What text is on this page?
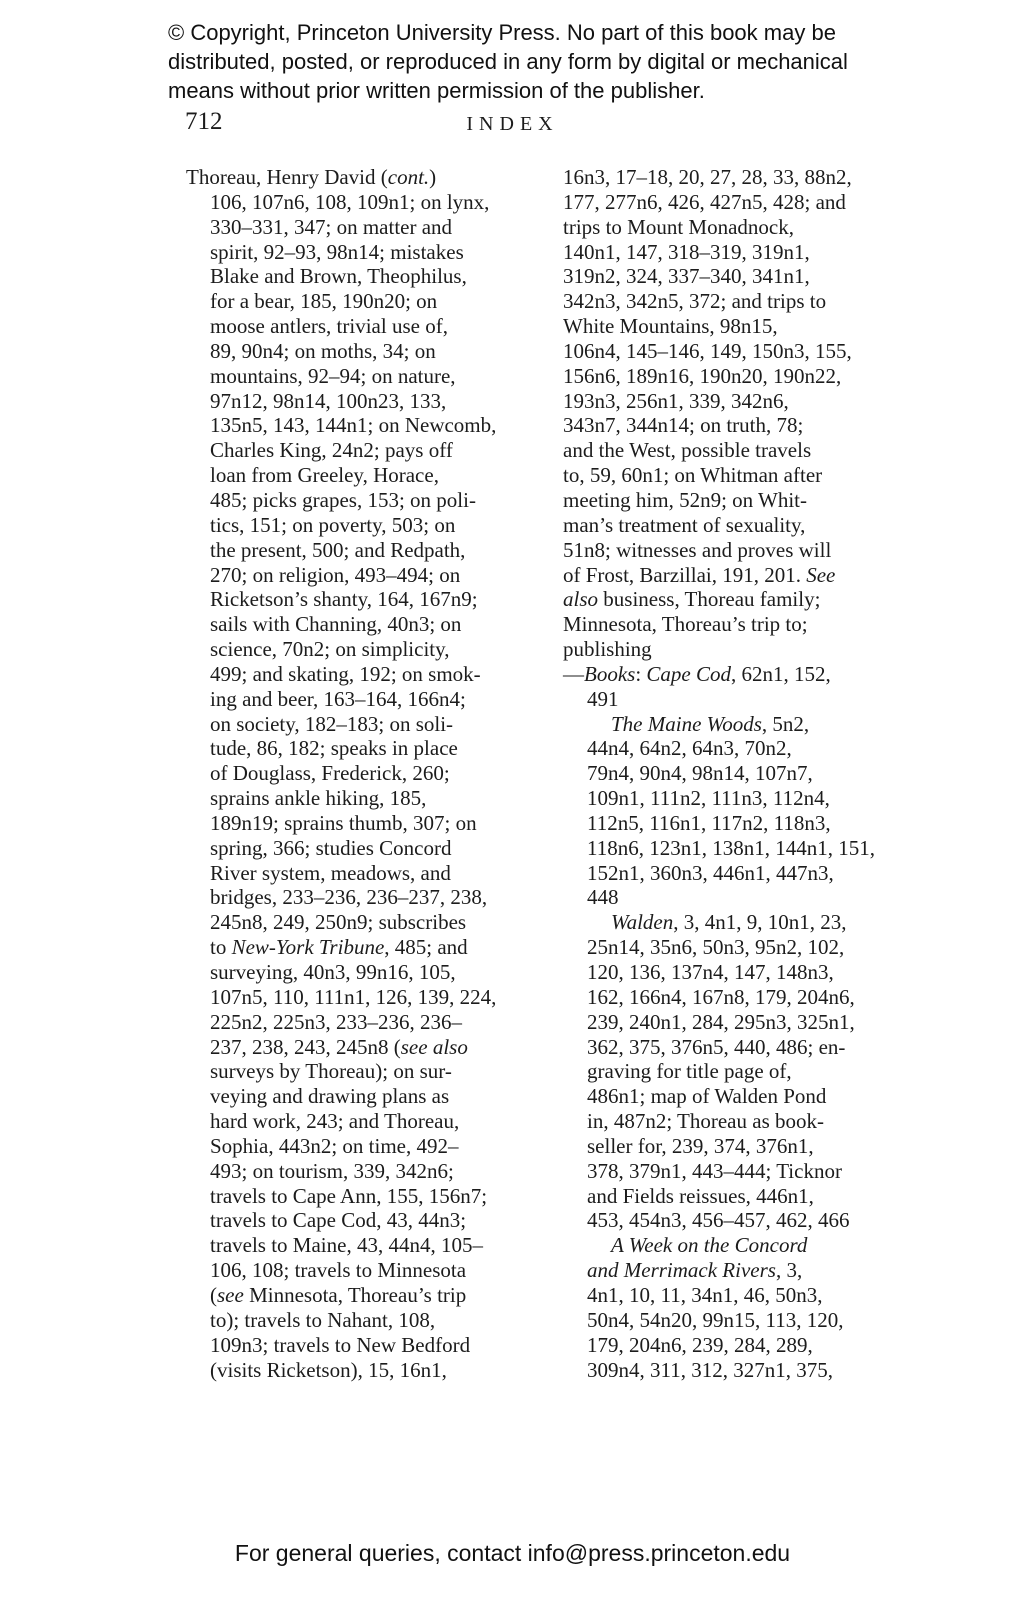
© Copyright, Princeton University Press. No part of this book may be
distributed, posted, or reproduced in any form by digital or mechanical
means without prior written permission of the publisher.
712	INDEX
Thoreau, Henry David (cont.)
106, 107n6, 108, 109n1; on lynx,
330–331, 347; on matter and
spirit, 92–93, 98n14; mistakes
Blake and Brown, Theophilus,
for a bear, 185, 190n20; on
moose antlers, trivial use of,
89, 90n4; on moths, 34; on
mountains, 92–94; on nature,
97n12, 98n14, 100n23, 133,
135n5, 143, 144n1; on Newcomb,
Charles King, 24n2; pays off
loan from Greeley, Horace,
485; picks grapes, 153; on poli-
tics, 151; on poverty, 503; on
the present, 500; and Redpath,
270; on religion, 493–494; on
Ricketson’s shanty, 164, 167n9;
sails with Channing, 40n3; on
science, 70n2; on simplicity,
499; and skating, 192; on smok-
ing and beer, 163–164, 166n4;
on society, 182–183; on soli-
tude, 86, 182; speaks in place
of Douglass, Frederick, 260;
sprains ankle hiking, 185,
189n19; sprains thumb, 307; on
spring, 366; studies Concord
River system, meadows, and
bridges, 233–236, 236–237, 238,
245n8, 249, 250n9; subscribes
to New-York Tribune, 485; and
surveying, 40n3, 99n16, 105,
107n5, 110, 111n1, 126, 139, 224,
225n2, 225n3, 233–236, 236–
237, 238, 243, 245n8 (see also
surveys by Thoreau); on sur-
veying and drawing plans as
hard work, 243; and Thoreau,
Sophia, 443n2; on time, 492–
493; on tourism, 339, 342n6;
travels to Cape Ann, 155, 156n7;
travels to Cape Cod, 43, 44n3;
travels to Maine, 43, 44n4, 105–
106, 108; travels to Minnesota
(see Minnesota, Thoreau’s trip
to); travels to Nahant, 108,
109n3; travels to New Bedford
(visits Ricketson), 15, 16n1,
16n3, 17–18, 20, 27, 28, 33, 88n2,
177, 277n6, 426, 427n5, 428; and
trips to Mount Monadnock,
140n1, 147, 318–319, 319n1,
319n2, 324, 337–340, 341n1,
342n3, 342n5, 372; and trips to
White Mountains, 98n15,
106n4, 145–146, 149, 150n3, 155,
156n6, 189n16, 190n20, 190n22,
193n3, 256n1, 339, 342n6,
343n7, 344n14; on truth, 78;
and the West, possible travels
to, 59, 60n1; on Whitman after
meeting him, 52n9; on Whit-
man’s treatment of sexuality,
51n8; witnesses and proves will
of Frost, Barzillai, 191, 201. See
also business, Thoreau family;
Minnesota, Thoreau’s trip to;
publishing
—Books: Cape Cod, 62n1, 152,
491
The Maine Woods, 5n2,
44n4, 64n2, 64n3, 70n2,
79n4, 90n4, 98n14, 107n7,
109n1, 111n2, 111n3, 112n4,
112n5, 116n1, 117n2, 118n3,
118n6, 123n1, 138n1, 144n1, 151,
152n1, 360n3, 446n1, 447n3,
448
Walden, 3, 4n1, 9, 10n1, 23,
25n14, 35n6, 50n3, 95n2, 102,
120, 136, 137n4, 147, 148n3,
162, 166n4, 167n8, 179, 204n6,
239, 240n1, 284, 295n3, 325n1,
362, 375, 376n5, 440, 486; en-
graving for title page of,
486n1; map of Walden Pond
in, 487n2; Thoreau as book-
seller for, 239, 374, 376n1,
378, 379n1, 443–444; Ticknor
and Fields reissues, 446n1,
453, 454n3, 456–457, 462, 466
A Week on the Concord
and Merrimack Rivers, 3,
4n1, 10, 11, 34n1, 46, 50n3,
50n4, 54n20, 99n15, 113, 120,
179, 204n6, 239, 284, 289,
309n4, 311, 312, 327n1, 375,
For general queries, contact info@press.princeton.edu
